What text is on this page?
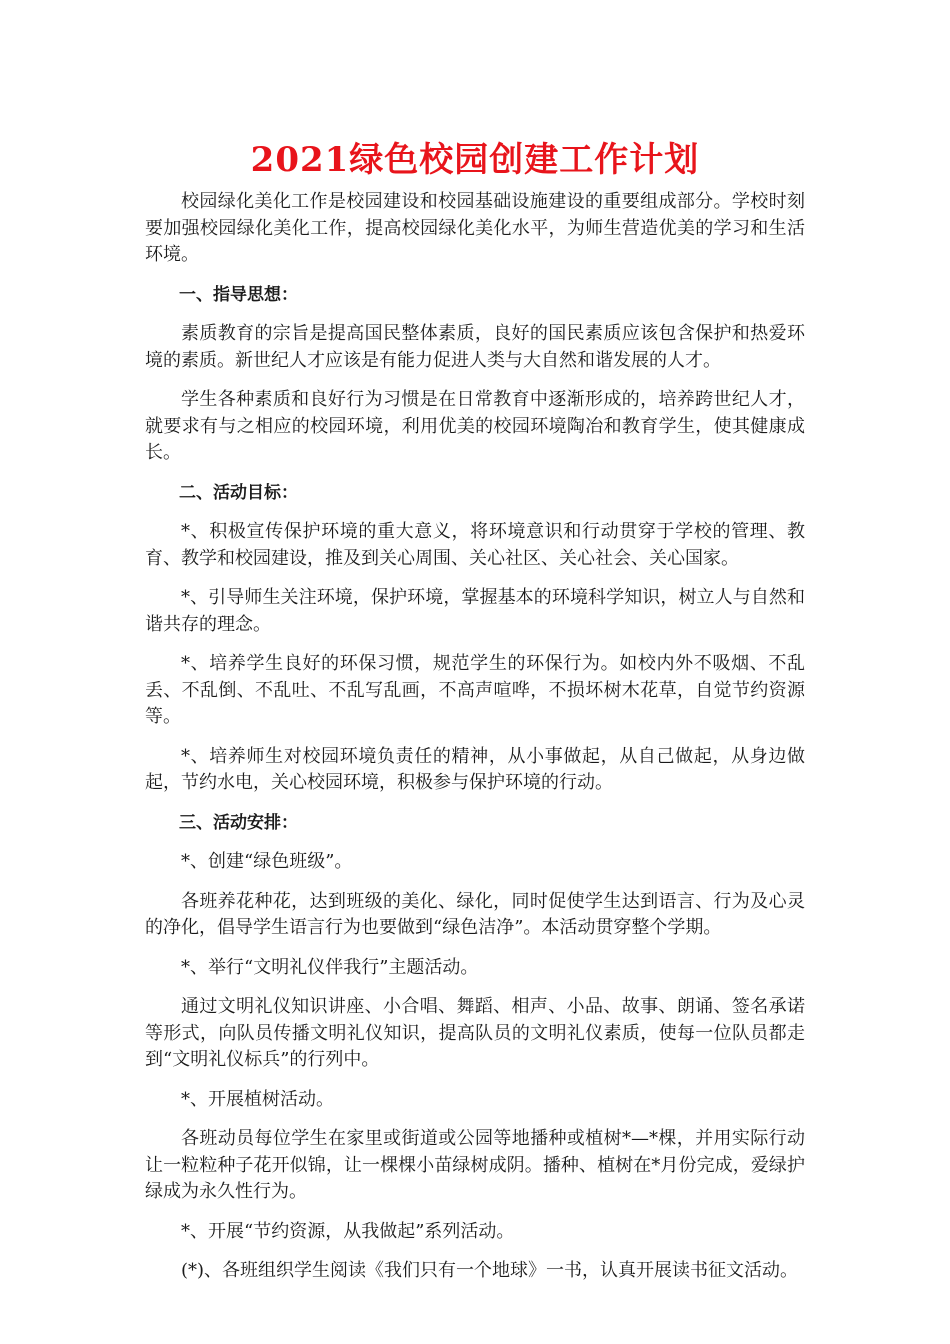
2021绿色校园创建工作计划

校园绿化美化工作是校园建设和校园基础设施建设的重要组成部分。学校时刻要加强校园绿化美化工作，提高校园绿化美化水平，为师生营造优美的学习和生活环境。

一、指导思想：

素质教育的宗旨是提高国民整体素质，良好的国民素质应该包含保护和热爱环境的素质。新世纪人才应该是有能力促进人类与大自然和谐发展的人才。

学生各种素质和良好行为习惯是在日常教育中逐渐形成的，培养跨世纪人才，就要求有与之相应的校园环境，利用优美的校园环境陶冶和教育学生，使其健康成长。

二、活动目标：

*、积极宣传保护环境的重大意义，将环境意识和行动贯穿于学校的管理、教育、教学和校园建设，推及到关心周围、关心社区、关心社会、关心国家。

*、引导师生关注环境，保护环境，掌握基本的环境科学知识，树立人与自然和谐共存的理念。

*、培养学生良好的环保习惯，规范学生的环保行为。如校内外不吸烟、不乱丢、不乱倒、不乱吐、不乱写乱画，不高声喧哗，不损坏树木花草，自觉节约资源等。

*、培养师生对校园环境负责任的精神，从小事做起，从自己做起，从身边做起，节约水电，关心校园环境，积极参与保护环境的行动。

三、活动安排：

*、创建“绿色班级”。

各班养花种花，达到班级的美化、绿化，同时促使学生达到语言、行为及心灵的净化，倡导学生语言行为也要做到“绿色洁净”。本活动贯穿整个学期。

*、举行“文明礼仪伴我行”主题活动。

通过文明礼仪知识讲座、小合唱、舞蹈、相声、小品、故事、朗诵、签名承诺等形式，向队员传播文明礼仪知识，提高队员的文明礼仪素质，使每一位队员都走到“文明礼仪标兵”的行列中。

*、开展植树活动。

各班动员每位学生在家里或街道或公园等地播种或植树*—*棵，并用实际行动让一粒粒种子花开似锦，让一棵棵小苗绿树成阴。播种、植树在*月份完成，爱绿护绿成为永久性行为。

*、开展“节约资源，从我做起”系列活动。

(*)、各班组织学生阅读《我们只有一个地球》一书，认真开展读书征文活动。
